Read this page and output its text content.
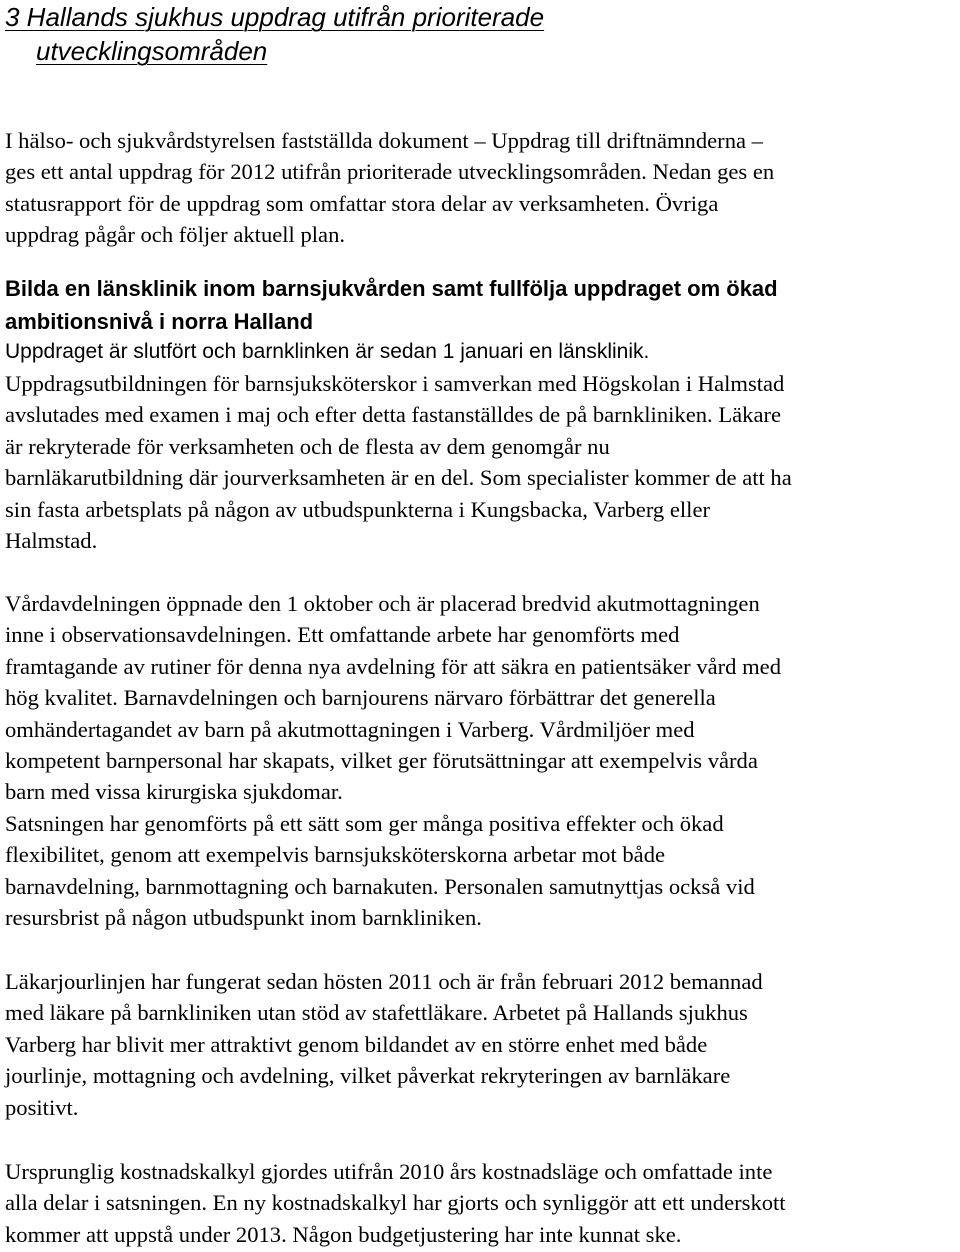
3 Hallands sjukhus uppdrag utifrån prioriterade
utvecklingsområden

I hälso- och sjukvårdstyrelsen fastställda dokument – Uppdrag till driftnämnderna –
ges ett antal uppdrag för 2012 utifrån prioriterade utvecklingsområden. Nedan ges en
statusrapport för de uppdrag som omfattar stora delar av verksamheten. Övriga
uppdrag pågår och följer aktuell plan.

Bilda en länsklinik inom barnsjukvården samt fullfölja uppdraget om ökad
ambitionsnivå i norra Halland

Uppdraget är slutfört och barnklinken är sedan 1 januari en länsklinik.

Uppdragsutbildningen för barnsjuksköterskor i samverkan med Högskolan i Halmstad
avslutades med examen i maj och efter detta fastanställdes de på barnkliniken. Läkare
är rekryterade för verksamheten och de flesta av dem genomgår nu
barnläkarutbildning där jourverksamheten är en del. Som specialister kommer de att ha
sin fasta arbetsplats på någon av utbudspunkterna i Kungsbacka, Varberg eller
Halmstad.

Vårdavdelningen öppnade den 1 oktober och är placerad bredvid akutmottagningen
inne i observationsavdelningen. Ett omfattande arbete har genomförts med
framtagande av rutiner för denna nya avdelning för att säkra en patientsäker vård med
hög kvalitet. Barnavdelningen och barnjourens närvaro förbättrar det generella
omhändertagandet av barn på akutmottagningen i Varberg. Vårdmiljöer med
kompetent barnpersonal har skapats, vilket ger förutsättningar att exempelvis vårda
barn med vissa kirurgiska sjukdomar.
Satsningen har genomförts på ett sätt som ger många positiva effekter och ökad
flexibilitet, genom att exempelvis barnsjuksköterskorna arbetar mot både
barnavdelning, barnmottagning och barnakuten. Personalen samutnyttjas också vid
resursbrist på någon utbudspunkt inom barnkliniken.

Läkarjourlinjen har fungerat sedan hösten 2011 och är från februari 2012 bemannad
med läkare på barnkliniken utan stöd av stafettläkare. Arbetet på Hallands sjukhus
Varberg har blivit mer attraktivt genom bildandet av en större enhet med både
jourlinje, mottagning och avdelning, vilket påverkat rekryteringen av barnläkare
positivt.

Ursprunglig kostnadskalkyl gjordes utifrån 2010 års kostnadsläge och omfattade inte
alla delar i satsningen. En ny kostnadskalkyl har gjorts och synliggör att ett underskott
kommer att uppstå under 2013. Någon budgetjustering har inte kunnat ske.
